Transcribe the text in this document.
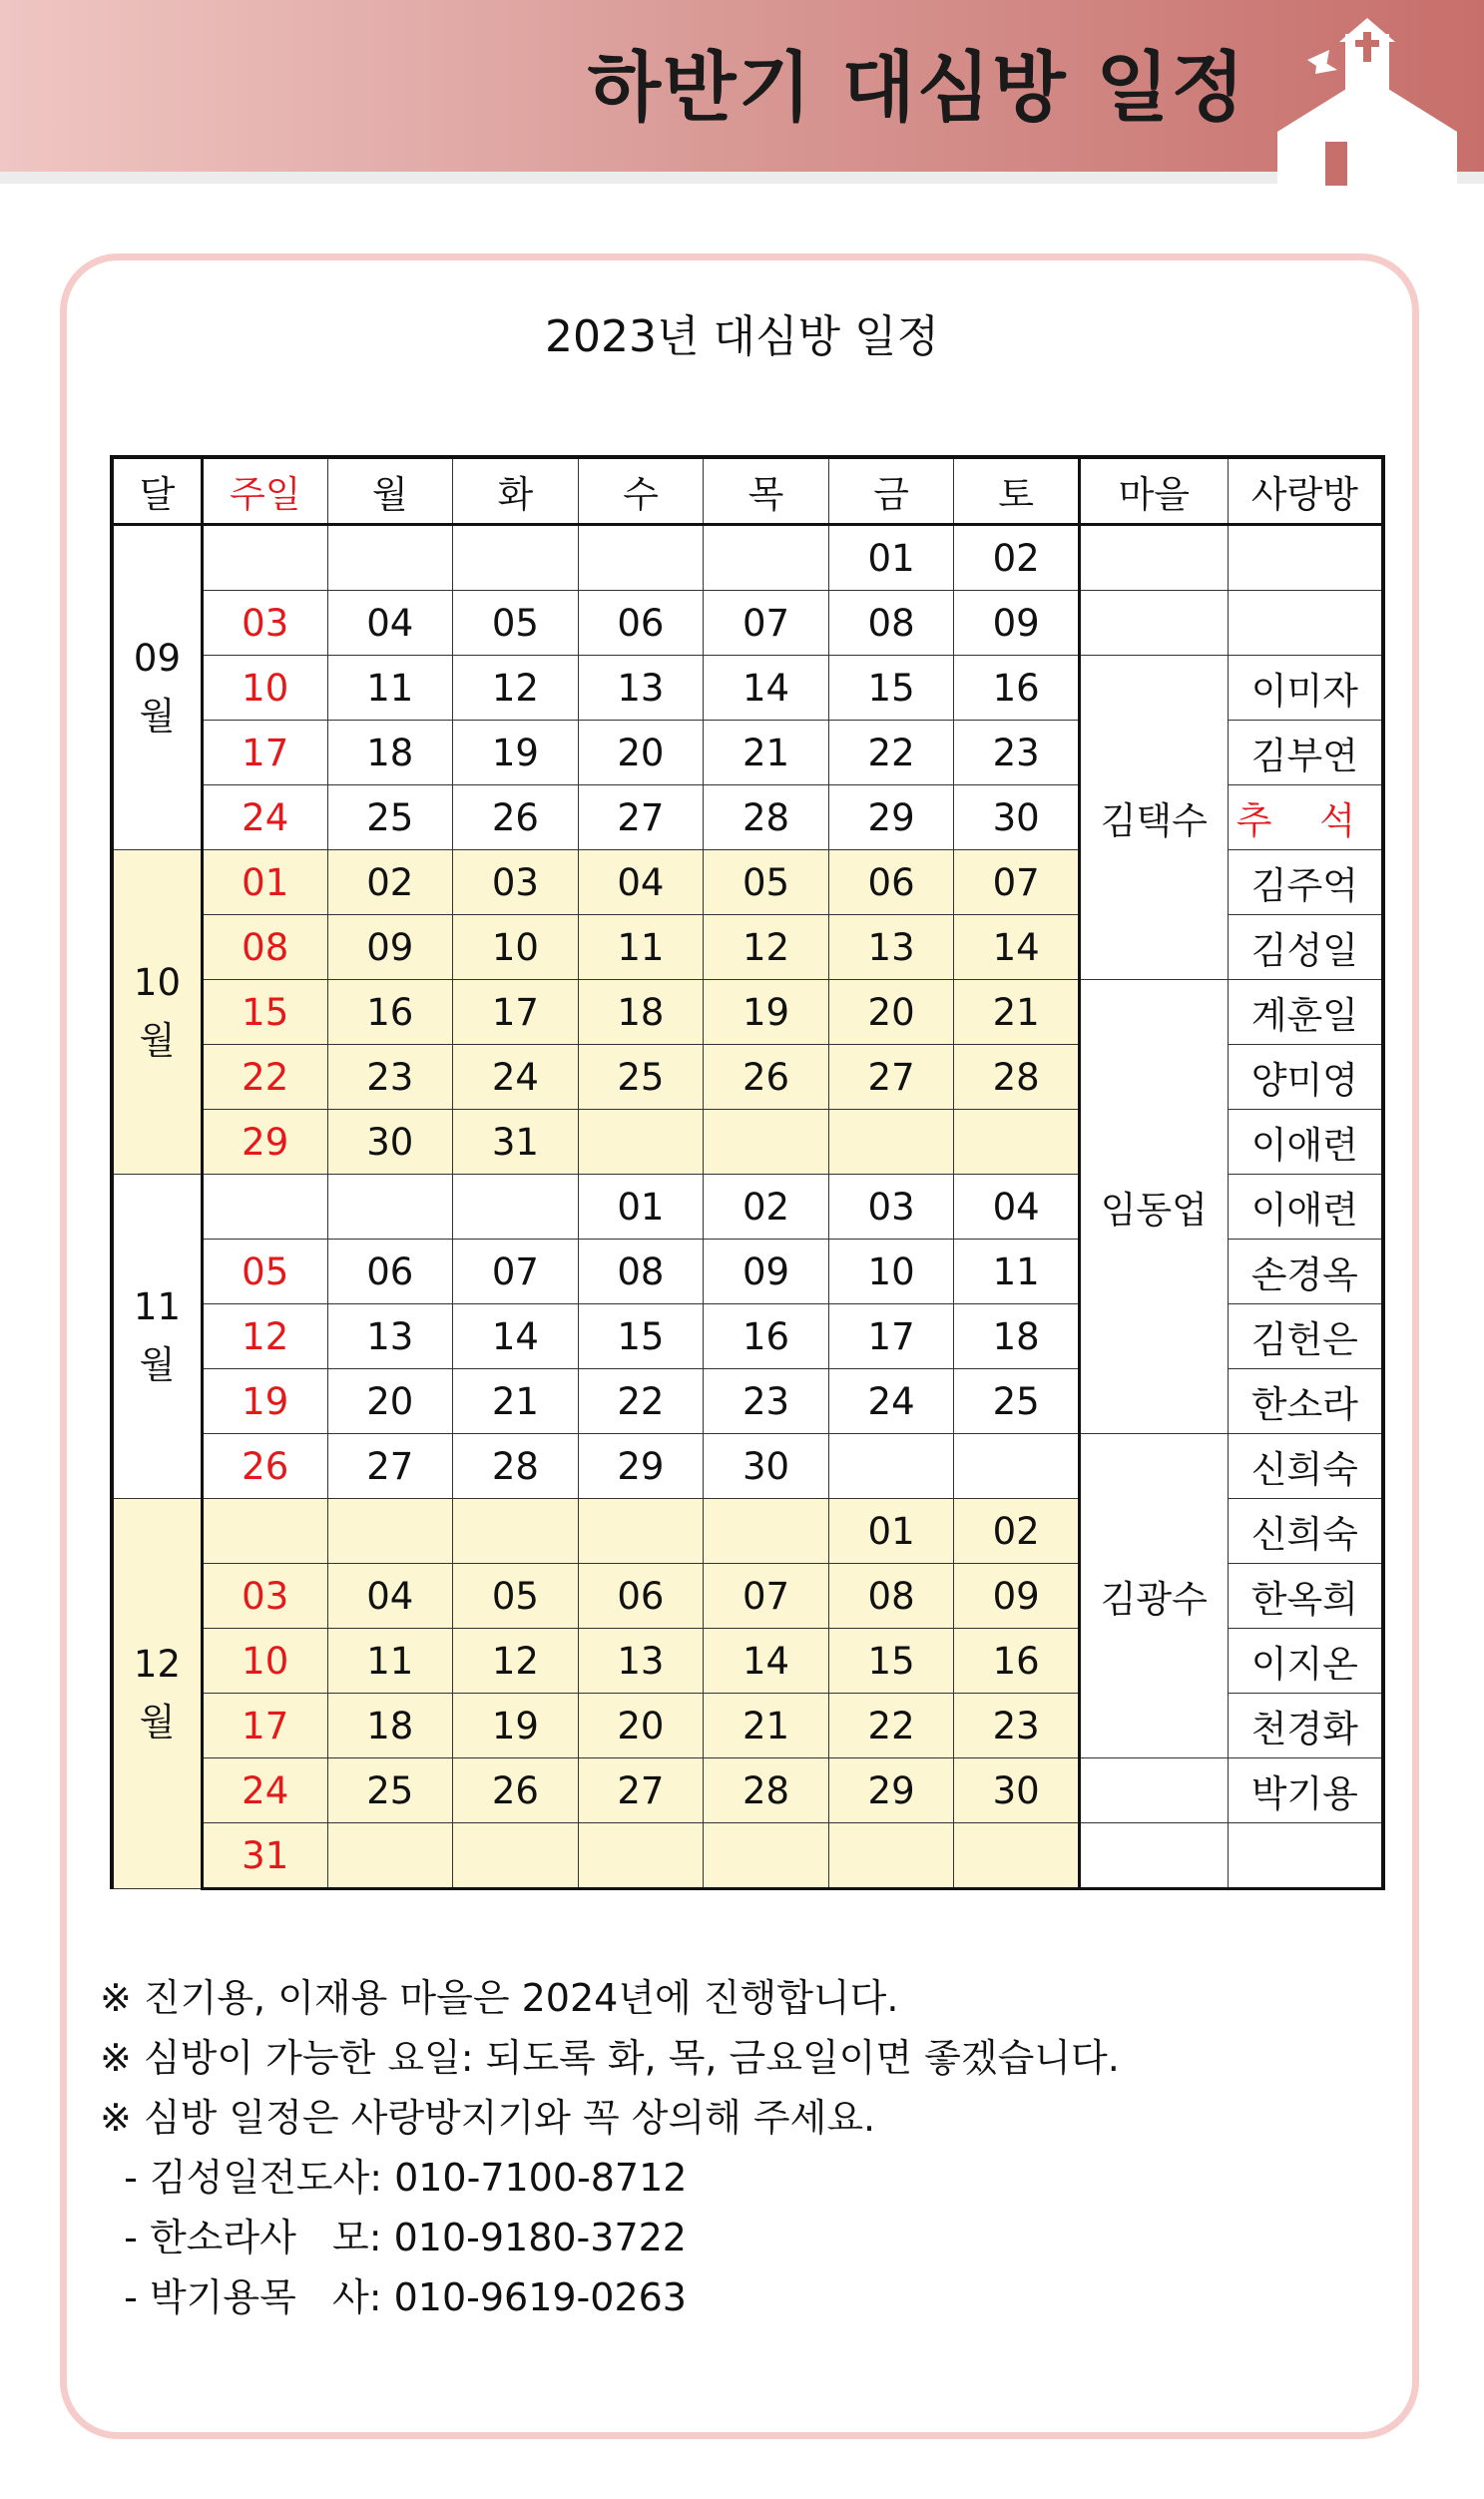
하반기 대심방 일정
2023년 대심방 일정
달	주일	월	화	수	목	금	토	마을	사랑방

09
월						01	02		
	03	04	05	06	07	08	09		
	10	11	12	13	14	15	16	김택수	이미자
	17	18	19	20	21	22	23		김부연
	24	25	26	27	28	29	30		추 석

10
월	01	02	03	04	05	06	07		김주억
	08	09	10	11	12	13	14		김성일
	15	16	17	18	19	20	21	임동업	계훈일
	22	23	24	25	26	27	28		양미영
	29	30	31						이애련

11
월				01	02	03	04		이애련
	05	06	07	08	09	10	11		손경옥
	12	13	14	15	16	17	18		김헌은
	19	20	21	22	23	24	25		한소라
	26	27	28	29	30			김광수	신희숙

12
월						01	02		신희숙
	03	04	05	06	07	08	09		한옥희
	10	11	12	13	14	15	16		이지온
	17	18	19	20	21	22	23		천경화
	24	25	26	27	28	29	30		박기용
	31								
※ 진기용, 이재용 마을은 2024년에 진행합니다.
※ 심방이 가능한 요일: 되도록 화, 목, 금요일이면 좋겠습니다.
※ 심방 일정은 사랑방지기와 꼭 상의해 주세요.
- 김성일전도사: 010-7100-8712
- 한소라사   모: 010-9180-3722
- 박기용목   사: 010-9619-0263
